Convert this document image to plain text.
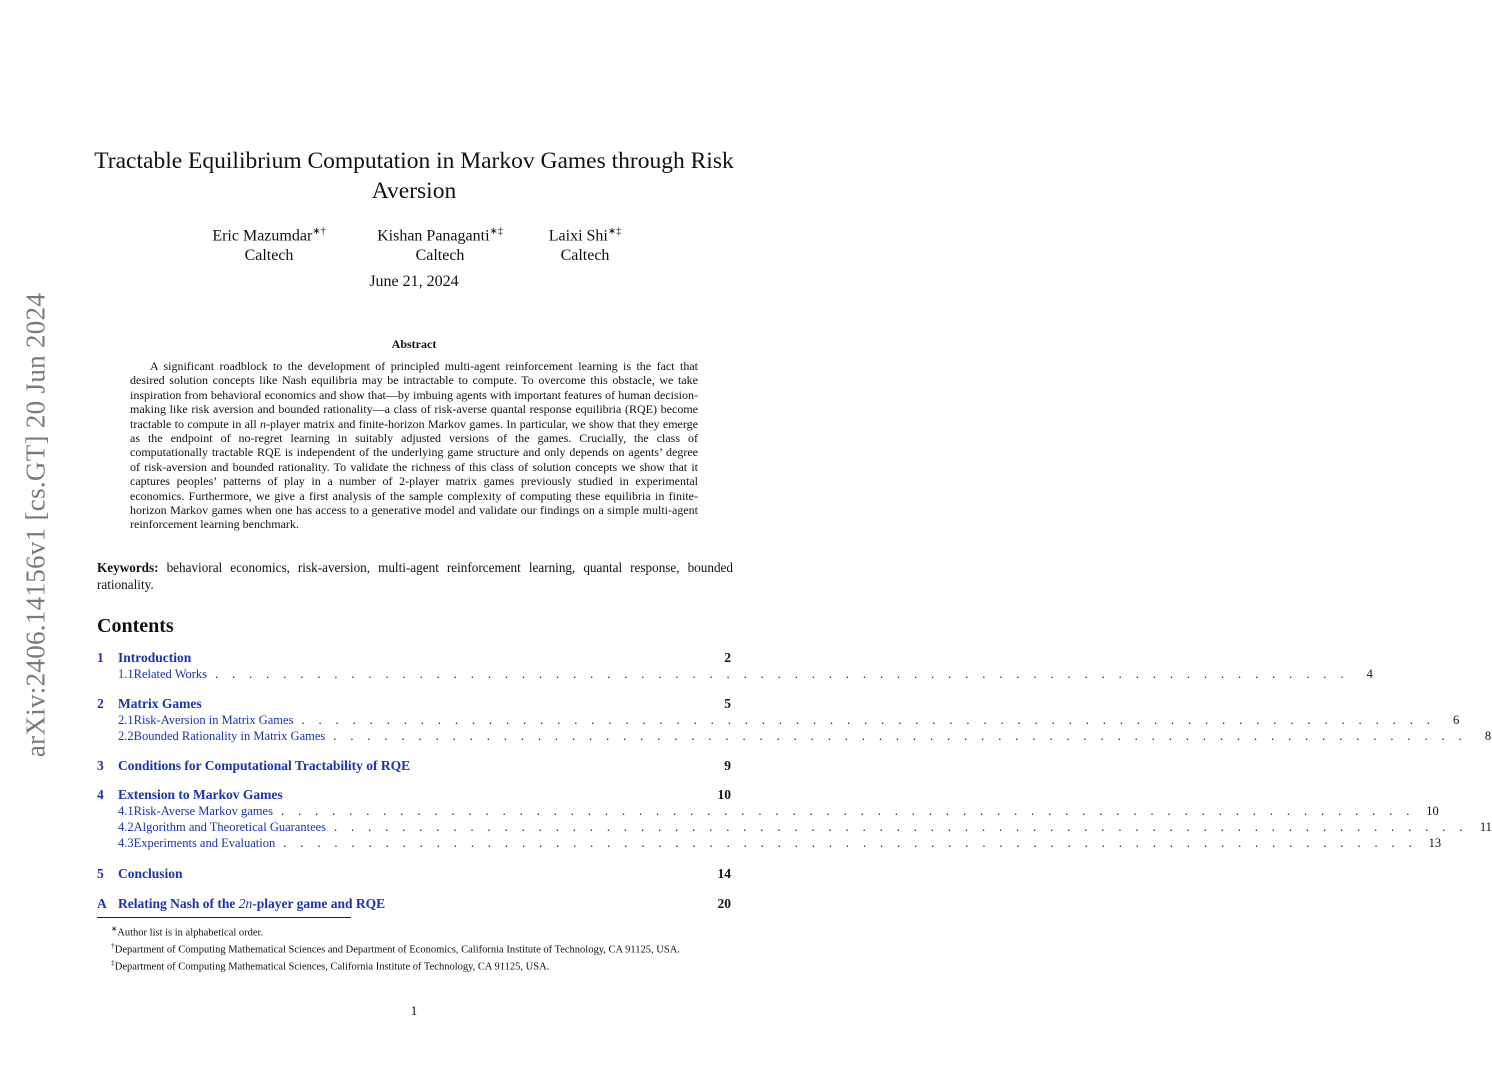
arXiv:2406.14156v1 [cs.GT] 20 Jun 2024
Tractable Equilibrium Computation in Markov Games through Risk Aversion
Eric Mazumdar∗†
Caltech
Kishan Panaganti∗‡
Caltech
Laixi Shi∗‡
Caltech
June 21, 2024
Abstract
A significant roadblock to the development of principled multi-agent reinforcement learning is the fact that desired solution concepts like Nash equilibria may be intractable to compute. To overcome this obstacle, we take inspiration from behavioral economics and show that—by imbuing agents with important features of human decision-making like risk aversion and bounded rationality—a class of risk-averse quantal response equilibria (RQE) become tractable to compute in all n-player matrix and finite-horizon Markov games. In particular, we show that they emerge as the endpoint of no-regret learning in suitably adjusted versions of the games. Crucially, the class of computationally tractable RQE is independent of the underlying game structure and only depends on agents’ degree of risk-aversion and bounded rationality. To validate the richness of this class of solution concepts we show that it captures peoples’ patterns of play in a number of 2-player matrix games previously studied in experimental economics. Furthermore, we give a first analysis of the sample complexity of computing these equilibria in finite-horizon Markov games when one has access to a generative model and validate our findings on a simple multi-agent reinforcement learning benchmark.
Keywords: behavioral economics, risk-aversion, multi-agent reinforcement learning, quantal response, bounded rationality.
Contents
1	Introduction	2
1.1 Related Works . . . . . . . . . . . . . . . . . . . . . . . . . . . . . . . . . . . . . . . . . . . . . . . . . . . . . . . . . . . . . . . . . . .	4
2	Matrix Games	5
2.1 Risk-Aversion in Matrix Games . . . . . . . . . . . . . . . . . . . . . . . . . . . . . . . . . . . . . . . . . . . . . . . . . . . . . . . . . . . . . . . . . . .	6
2.2 Bounded Rationality in Matrix Games . . . . . . . . . . . . . . . . . . . . . . . . . . . . . . . . . . . . . . . . . . . . . . . . . . . . . . . . . . . . . . . . . . .	8
3	Conditions for Computational Tractability of RQE	9
4	Extension to Markov Games	10
4.1 Risk-Averse Markov games . . . . . . . . . . . . . . . . . . . . . . . . . . . . . . . . . . . . . . . . . . . . . . . . . . . . . . . . . . . . . . . . . . . 10
4.2 Algorithm and Theoretical Guarantees . . . . . . . . . . . . . . . . . . . . . . . . . . . . . . . . . . . . . . . . . . . . . . . . . . . . . . . . . . . . . . . . . . . 11
4.3 Experiments and Evaluation . . . . . . . . . . . . . . . . . . . . . . . . . . . . . . . . . . . . . . . . . . . . . . . . . . . . . . . . . . . . . . . . . . . 13
5	Conclusion	14
A Relating Nash of the 2n-player game and RQE	20

∗Author list is in alphabetical order.

†Department of Computing Mathematical Sciences and Department of Economics, California Institute of Technology, CA 91125, USA.

‡Department of Computing Mathematical Sciences, California Institute of Technology, CA 91125, USA.

1
